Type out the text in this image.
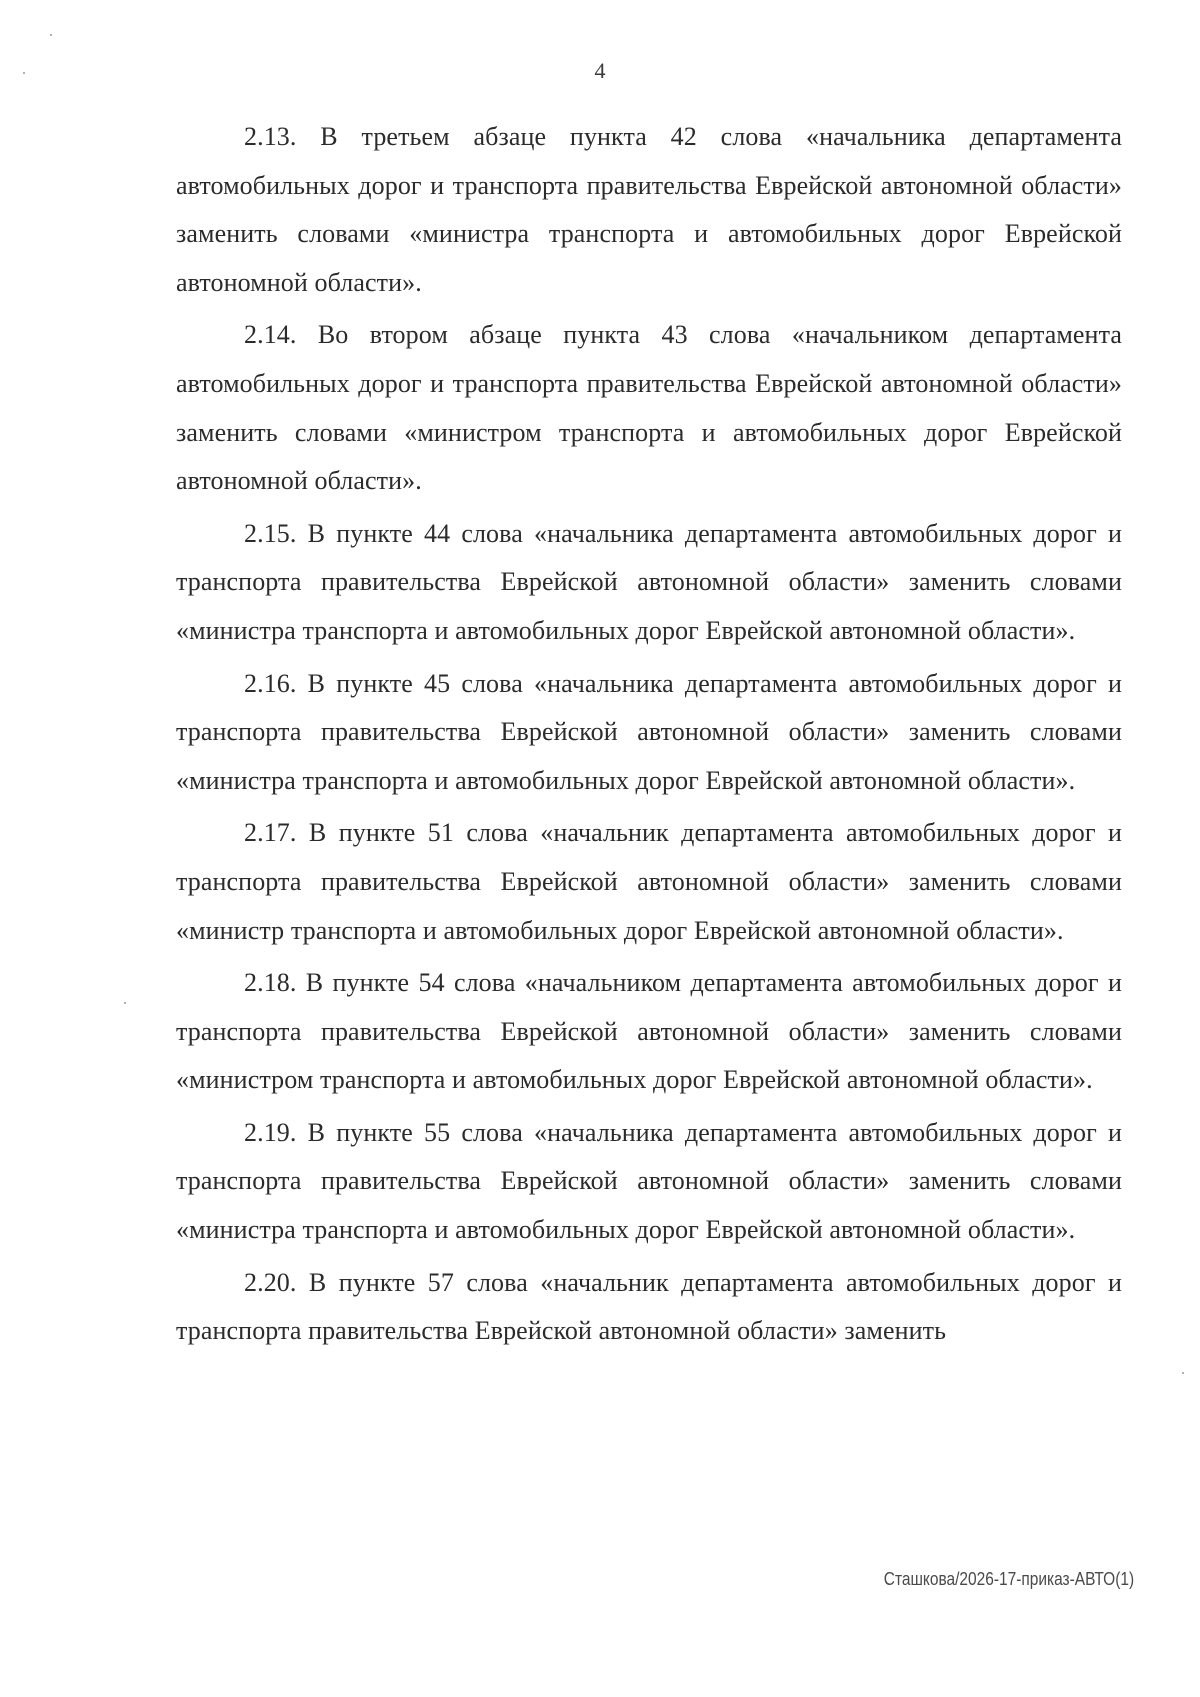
4

2.13. В третьем абзаце пункта 42 слова «начальника департамента автомобильных дорог и транспорта правительства Еврейской автономной области» заменить словами «министра транспорта и автомобильных дорог Еврейской автономной области».

2.14. Во втором абзаце пункта 43 слова «начальником департамента автомобильных дорог и транспорта правительства Еврейской автономной области» заменить словами «министром транспорта и автомобильных дорог Еврейской автономной области».

2.15. В пункте 44 слова «начальника департамента автомобильных дорог и транспорта правительства Еврейской автономной области» заменить словами «министра транспорта и автомобильных дорог Еврейской автономной области».

2.16. В пункте 45 слова «начальника департамента автомобильных дорог и транспорта правительства Еврейской автономной области» заменить словами «министра транспорта и автомобильных дорог Еврейской автономной области».

2.17. В пункте 51 слова «начальник департамента автомобильных дорог и транспорта правительства Еврейской автономной области» заменить словами «министр транспорта и автомобильных дорог Еврейской автономной области».

2.18. В пункте 54 слова «начальником департамента автомобильных дорог и транспорта правительства Еврейской автономной области» заменить словами «министром транспорта и автомобильных дорог Еврейской автономной области».

2.19. В пункте 55 слова «начальника департамента автомобильных дорог и транспорта правительства Еврейской автономной области» заменить словами «министра транспорта и автомобильных дорог Еврейской автономной области».

2.20. В пункте 57 слова «начальник департамента автомобильных дорог и транспорта правительства Еврейской автономной области» заменить

Сташкова/2026-17-приказ-АВТО(1)
